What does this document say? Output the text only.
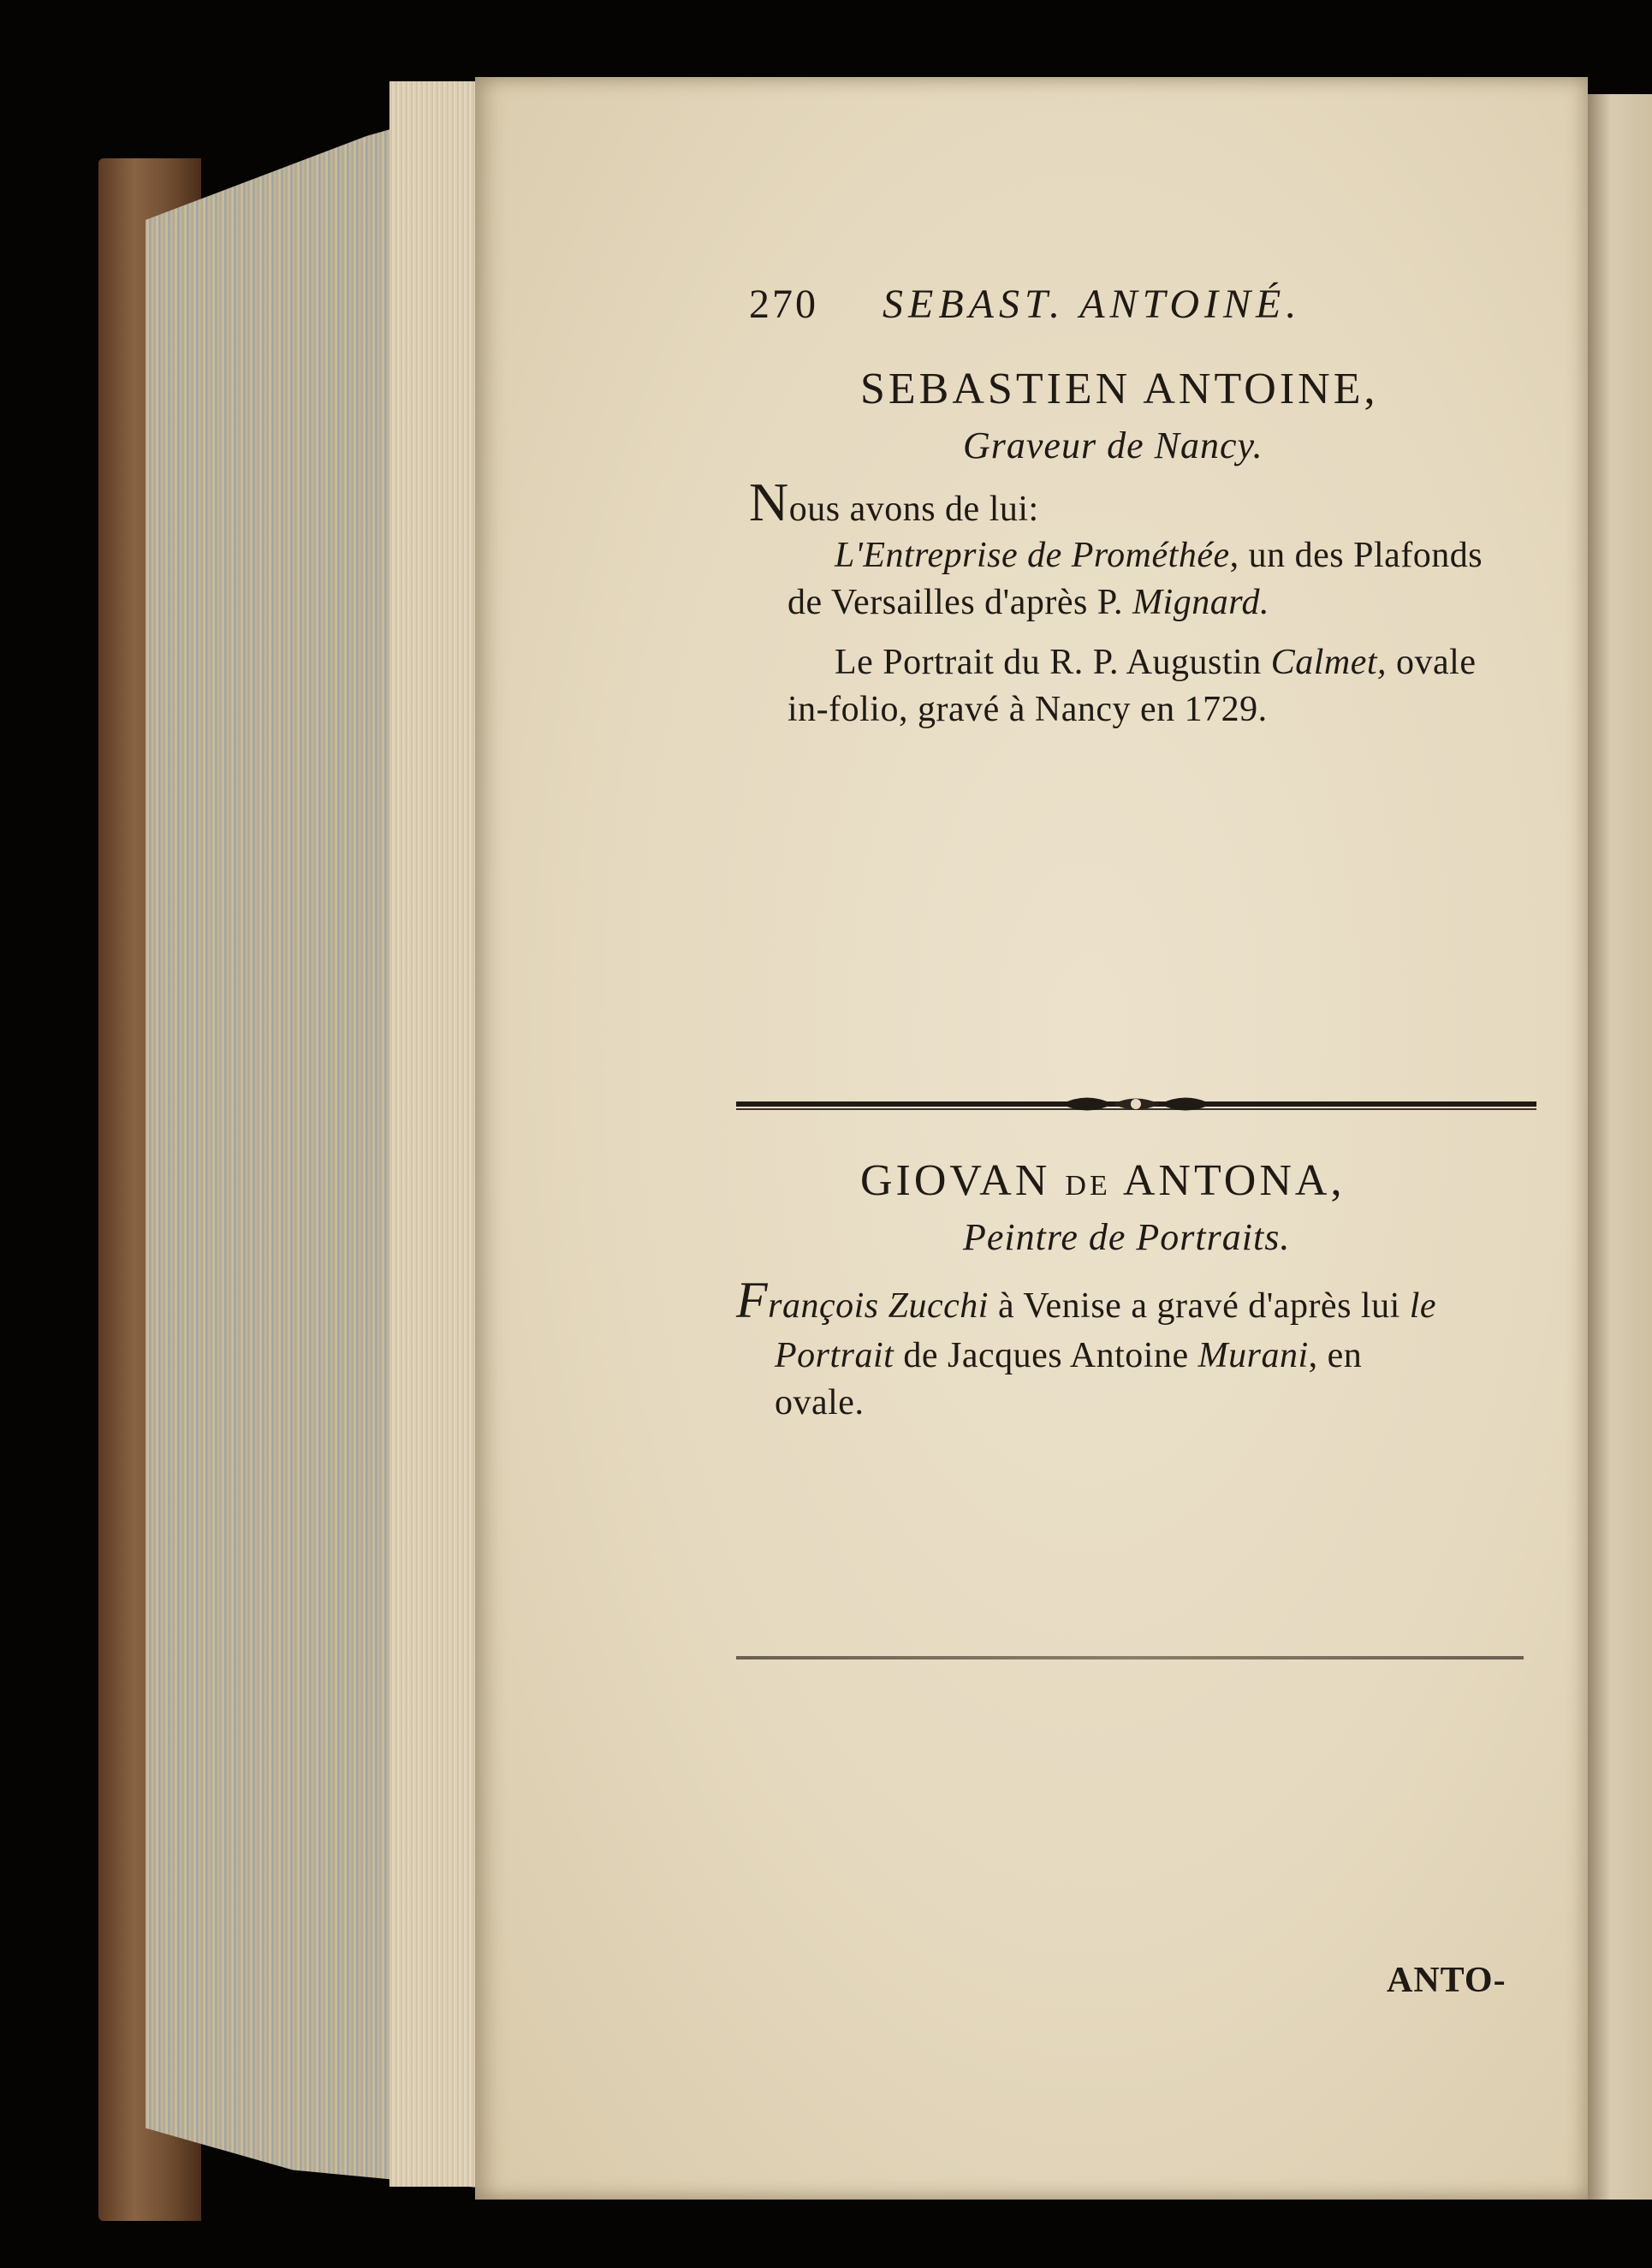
270 SEBAST. ANTOINÉ.
SEBASTIEN ANTOINE,
Graveur de Nancy.
Nous avons de lui:
L'Entreprise de Prométhée, un des Plafonds
de Versailles d'après P. Mignard.
Le Portrait du R. P. Augustin Calmet, ovale
in-folio, gravé à Nancy en 1729.
GIOVAN DE ANTONA,
Peintre de Portraits.
François Zucchi à Venise a gravé d'après lui le
Portrait de Jacques Antoine Murani, en
ovale.
ANTO-
